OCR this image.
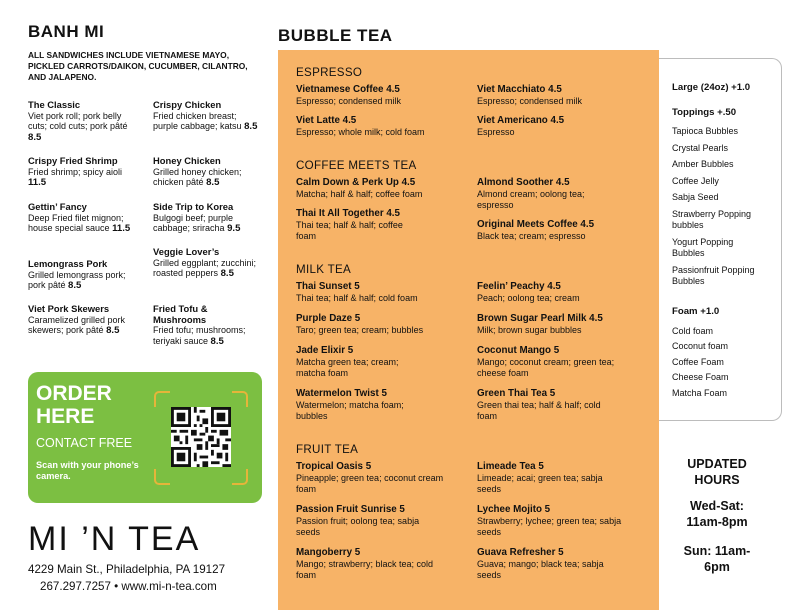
BANH MI
ALL SANDWICHES INCLUDE VIETNAMESE MAYO, PICKLED CARROTS/DAIKON, CUCUMBER, CILANTRO, AND JALAPENO.
The Classic
Viet pork roll; pork belly cuts; cold cuts; pork pâté 8.5
Crispy Fried Shrimp
Fried shrimp; spicy aioli 11.5
Gettin’ Fancy
Deep Fried filet mignon; house special sauce 11.5
Lemongrass Pork
Grilled lemongrass pork; pork pâté 8.5
Viet Pork Skewers
Caramelized grilled pork skewers; pork pâté 8.5
Crispy Chicken
Fried chicken breast; purple cabbage; katsu 8.5
Honey Chicken
Grilled honey chicken; chicken pâté 8.5
Side Trip to Korea
Bulgogi beef; purple cabbage; sriracha 9.5
Veggie Lover’s
Grilled eggplant; zucchini; roasted peppers 8.5
Fried Tofu & Mushrooms
Fried tofu; mushrooms; teriyaki sauce 8.5
ORDER HERE
CONTACT FREE
Scan with your phone’s camera.
MI ’N TEA
4229 Main St., Philadelphia, PA 19127
267.297.7257 • www.mi-n-tea.com
BUBBLE TEA
ESPRESSO
Vietnamese Coffee 4.5
Espresso; condensed milk
Viet Macchiato 4.5
Espresso; condensed milk
Viet Latte 4.5
Espresso; whole milk; cold foam
Viet Americano 4.5
Espresso
COFFEE MEETS TEA
Calm Down & Perk Up 4.5
Matcha; half & half; coffee foam
Almond Soother 4.5
Almond cream; oolong tea; espresso
Thai It All Together 4.5
Thai tea; half & half; coffee foam
Original Meets Coffee 4.5
Black tea; cream; espresso
MILK TEA
Thai Sunset 5
Thai tea; half & half; cold foam
Feelin’ Peachy 4.5
Peach; oolong tea; cream
Purple Daze 5
Taro; green tea; cream; bubbles
Brown Sugar Pearl Milk 4.5
Milk; brown sugar bubbles
Jade Elixir 5
Matcha green tea; cream; matcha foam
Coconut Mango 5
Mango; coconut cream; green tea; cheese foam
Watermelon Twist 5
Watermelon; matcha foam; bubbles
Green Thai Tea 5
Green thai tea; half & half; cold foam
FRUIT TEA
Tropical Oasis 5
Pineapple; green tea; coconut cream foam
Limeade Tea 5
Limeade; acai; green tea; sabja seeds
Passion Fruit Sunrise 5
Passion fruit; oolong tea; sabja seeds
Lychee Mojito 5
Strawberry; lychee; green tea; sabja seeds
Mangoberry 5
Mango; strawberry; black tea; cold foam
Guava Refresher 5
Guava; mango; black tea; sabja seeds
Large (24oz) +1.0
Toppings +.50
Tapioca Bubbles
Crystal Pearls
Amber Bubbles
Coffee Jelly
Sabja Seed
Strawberry Popping bubbles
Yogurt Popping Bubbles
Passionfruit Popping Bubbles
Foam +1.0
Cold foam
Coconut foam
Coffee Foam
Cheese Foam
Matcha Foam
UPDATED HOURS
Wed-Sat: 11am-8pm
Sun: 11am-6pm
